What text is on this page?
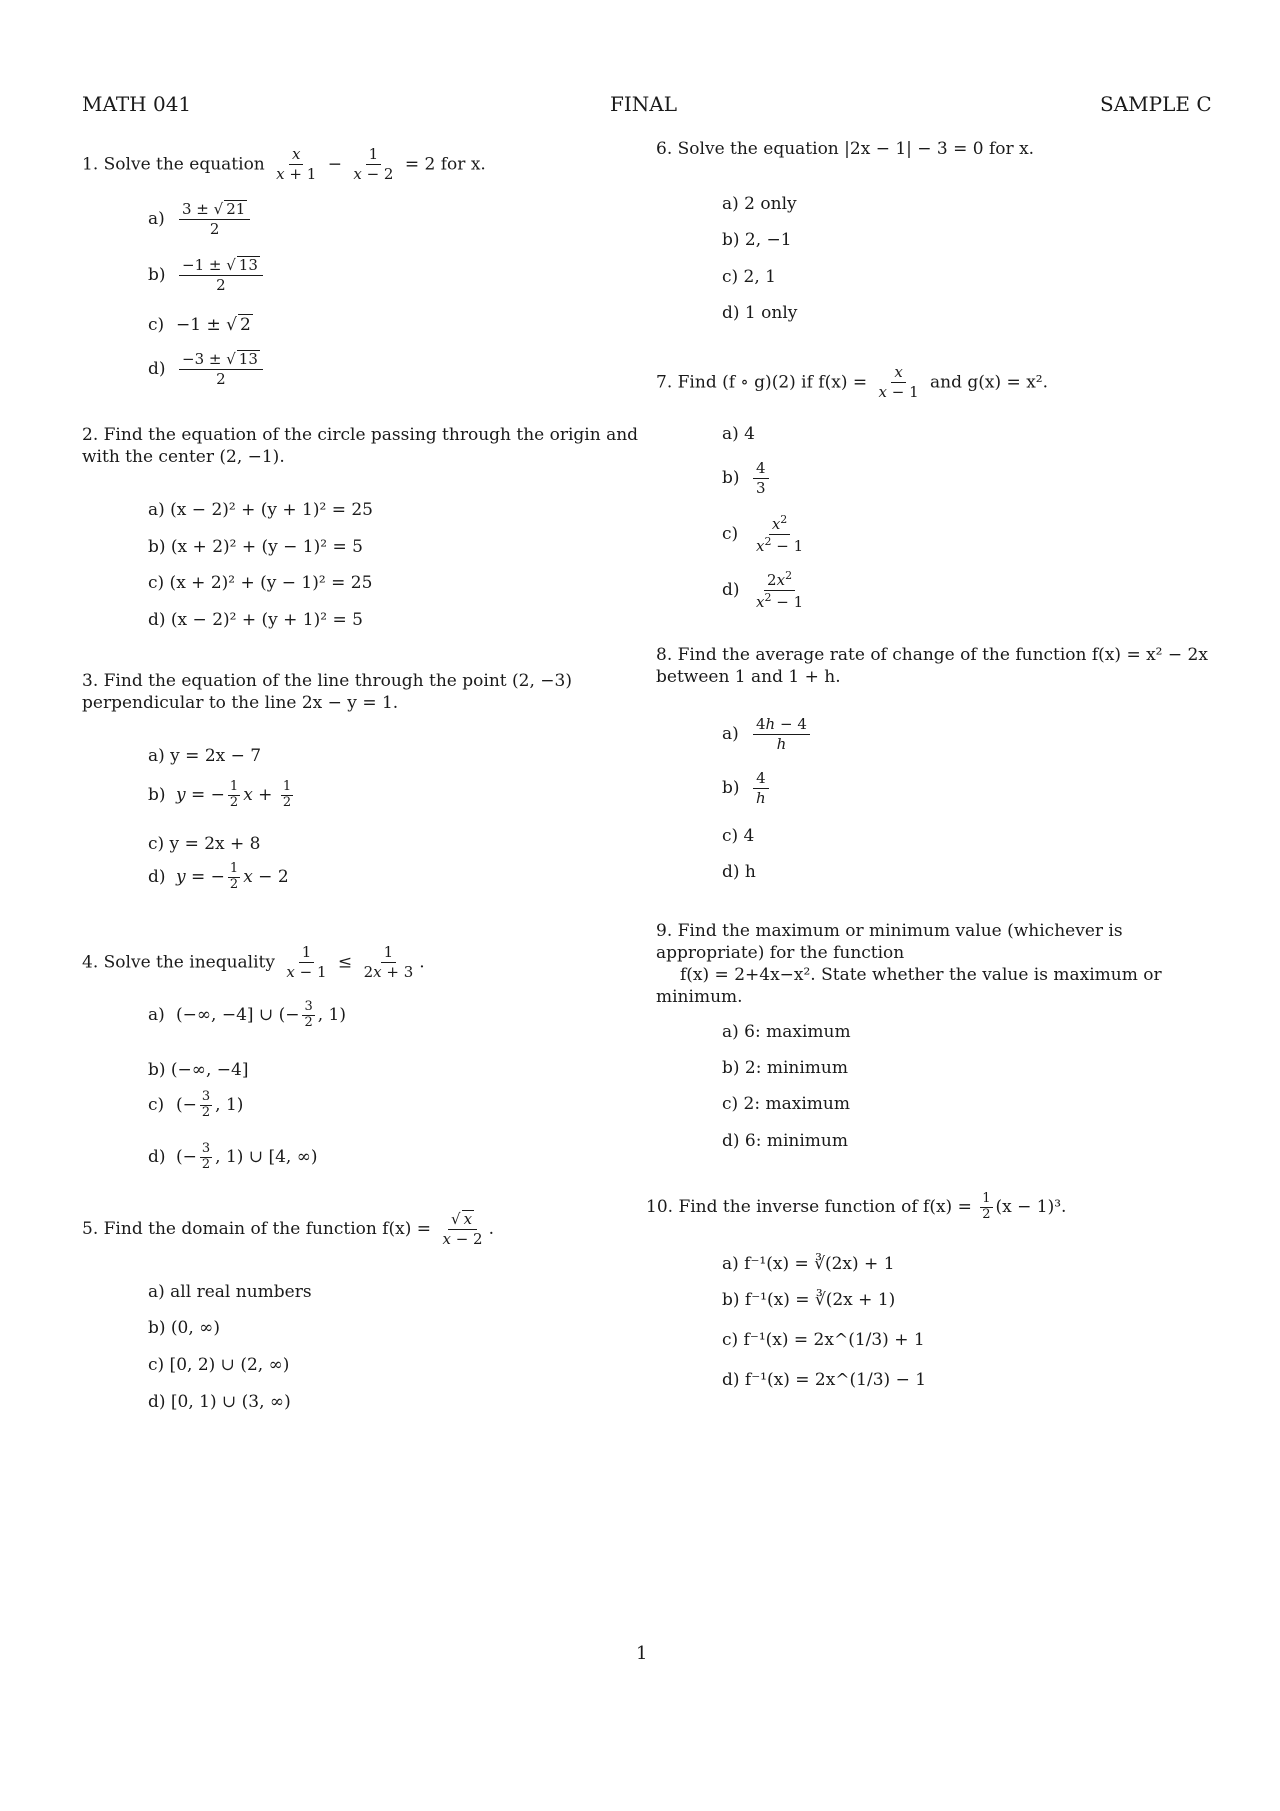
MATH 041	FINAL	SAMPLE C
1. Solve the equation $\frac{x}{x + 1} - \frac{1}{x - 2} = 2$ for x.
$a) \frac{3 \pm √ 21}{2}$
$b) \frac{-1 \pm √ 13}{2}$
c) −1 ± √ 2
$d) \frac{-3 \pm √ 13}{2}$
2. Find the equation of the circle passing through the origin and with the center (2, −1).
a) (x − 2)² + (y + 1)² = 25
b) (x + 2)² + (y − 1)² = 5
c) (x + 2)² + (y − 1)² = 25
d) (x − 2)² + (y + 1)² = 5
3. Find the equation of the line through the point (2, −3) perpendicular to the line 2x − y = 1.
a) y = 2x − 7
b) y = − $\frac{1}{2}$ $x + \frac{1}{2}$
c) y = 2x + 8
d) y = − $\frac{1}{2}$ x − 2
4. Solve the inequality $\frac{1}{x - 1} \le \frac{1}{2x + 3}$ .
a) (−∞, −4] ∪ (− $\frac{3}{2}$ , 1)
b) (−∞, −4]
c) (− $\frac{3}{2}$ , 1)
d) (− $\frac{3}{2}$ , 1) ∪ [4, ∞)
5. Find the domain of the function $f(x) = \frac{√ x}{x - 2}$ .
a) all real numbers
b) (0, ∞)
c) [0, 2) ∪ (2, ∞)
d) [0, 1) ∪ (3, ∞)
6. Solve the equation |2x − 1| − 3 = 0 for x.
a) 2 only
b) 2, −1
c) 2, 1
d) 1 only
7. Find (f ∘ g)(2) if $f(x) = \frac{x}{x - 1}$ and g(x) = x².
a) 4
$b) \frac{4}{3}$
$c) \frac{x^2}{x^2 - 1}$
$d) \frac{2x^2}{x^2 - 1}$
8. Find the average rate of change of the function f(x) = x² − 2x between 1 and 1 + h.
$a) \frac{4h - 4}{h}$
$b) \frac{4}{h}$
c) 4
d) h
9. Find the maximum or minimum value (whichever is appropriate) for the function
f(x) = 2+4x−x². State whether the value is maximum or minimum.
a) 6: maximum
b) 2: minimum
c) 2: maximum
d) 6: minimum
10. Find the inverse function of $f(x) = \frac{1}{2} (x - 1)^3$.
a) f⁻¹(x) = ∛(2x) + 1
b) f⁻¹(x) = ∛(2x + 1)
c) f⁻¹(x) = 2x^(1/3) + 1
d) f⁻¹(x) = 2x^(1/3) − 1
1
